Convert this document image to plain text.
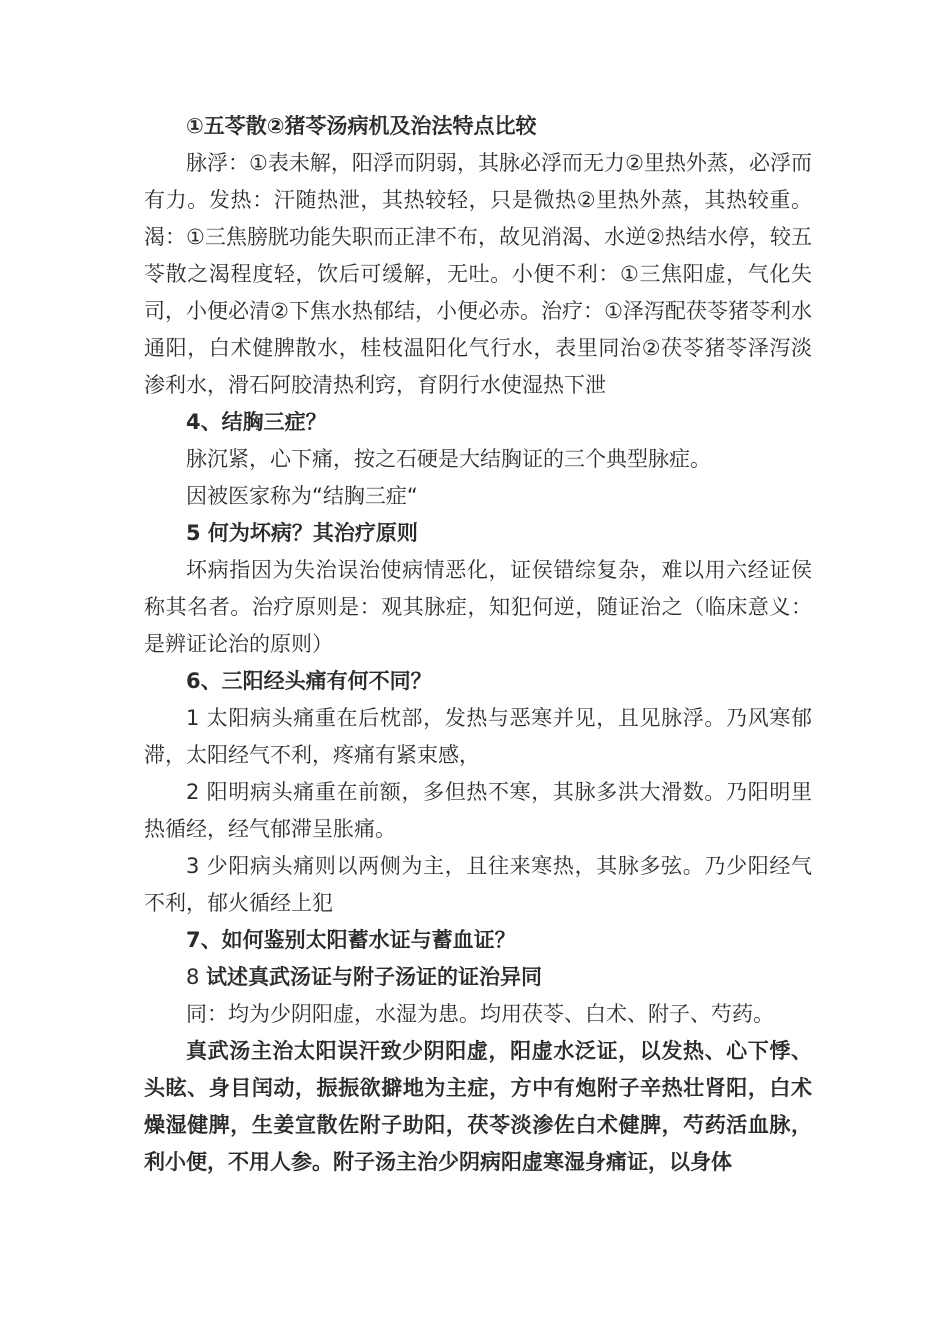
①五苓散②猪苓汤病机及治法特点比较

脉浮：①表未解，阳浮而阴弱，其脉必浮而无力②里热外蒸，必浮而有力。发热：汗随热泄，其热较轻，只是微热②里热外蒸，其热较重。渴：①三焦膀胱功能失职而正津不布，故见消渴、水逆②热结水停，较五苓散之渴程度轻，饮后可缓解，无吐。小便不利：①三焦阳虚，气化失司，小便必清②下焦水热郁结，小便必赤。治疗：①泽泻配茯苓猪苓利水通阳，白术健脾散水，桂枝温阳化气行水，表里同治②茯苓猪苓泽泻淡渗利水，滑石阿胶清热利窍，育阴行水使湿热下泄

4、结胸三症？

脉沉紧，心下痛，按之石硬是大结胸证的三个典型脉症。

因被医家称为“结胸三症“

5 何为坏病？其治疗原则

坏病指因为失治误治使病情恶化，证侯错综复杂，难以用六经证侯称其名者。治疗原则是：观其脉症，知犯何逆，随证治之（临床意义：是辨证论治的原则）

6、三阳经头痛有何不同？

1 太阳病头痛重在后枕部，发热与恶寒并见，且见脉浮。乃风寒郁滞，太阳经气不利，疼痛有紧束感，

2 阳明病头痛重在前额，多但热不寒，其脉多洪大滑数。乃阳明里热循经，经气郁滞呈胀痛。

3 少阳病头痛则以两侧为主，且往来寒热，其脉多弦。乃少阳经气不利，郁火循经上犯

7、如何鉴别太阳蓄水证与蓄血证？

8 试述真武汤证与附子汤证的证治异同

同：均为少阴阳虚，水湿为患。均用茯苓、白术、附子、芍药。

真武汤主治太阳误汗致少阴阳虚，阳虚水泛证，以发热、心下悸、头眩、身目闰动，振振欲擗地为主症，方中有炮附子辛热壮肾阳，白术燥湿健脾，生姜宣散佐附子助阳，茯苓淡渗佐白术健脾，芍药活血脉，利小便，不用人参。附子汤主治少阴病阳虚寒湿身痛证，以身体
